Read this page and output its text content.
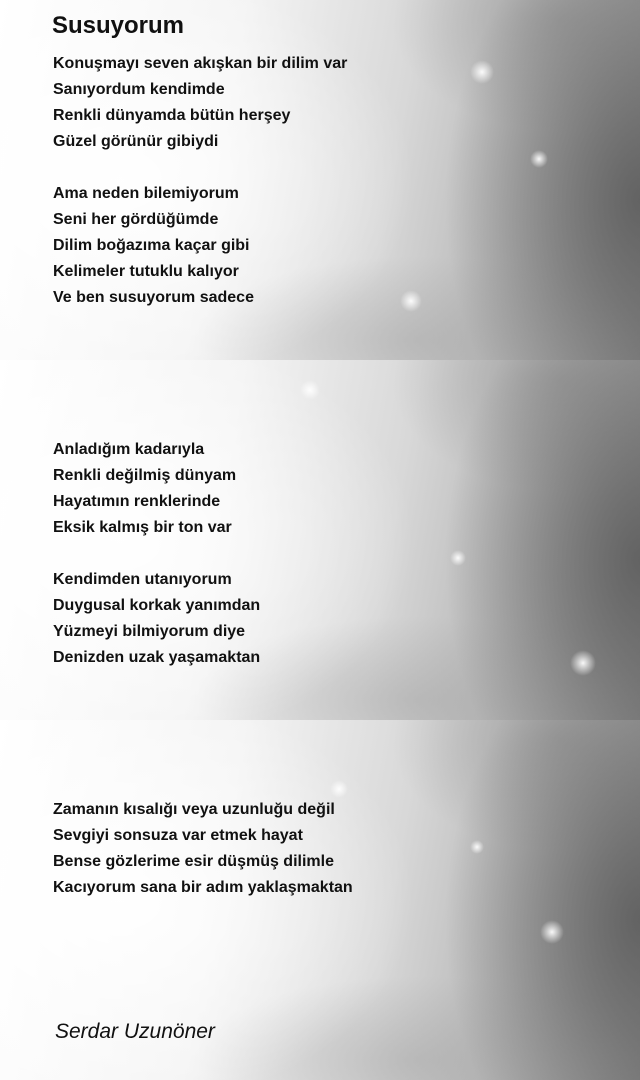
Susuyorum
Konuşmayı seven akışkan bir dilim var
Sanıyordum kendimde
Renkli dünyamda bütün herşey
Güzel görünür gibiydi
Ama neden bilemiyorum
Seni her gördüğümde
Dilim boğazıma kaçar gibi
Kelimeler tutuklu kalıyor
Ve ben susuyorum sadece
Anladığım kadarıyla
Renkli değilmiş dünyam
Hayatımın renklerinde
Eksik kalmış bir ton var
Kendimden utanıyorum
Duygusal korkak yanımdan
Yüzmeyi bilmiyorum diye
Denizden uzak yaşamaktan
Zamanın kısalığı veya uzunluğu değil
Sevgiyi sonsuza var etmek hayat
Bense gözlerime esir düşmüş dilimle
Kacıyorum sana bir adım yaklaşmaktan
Serdar Uzunöner
